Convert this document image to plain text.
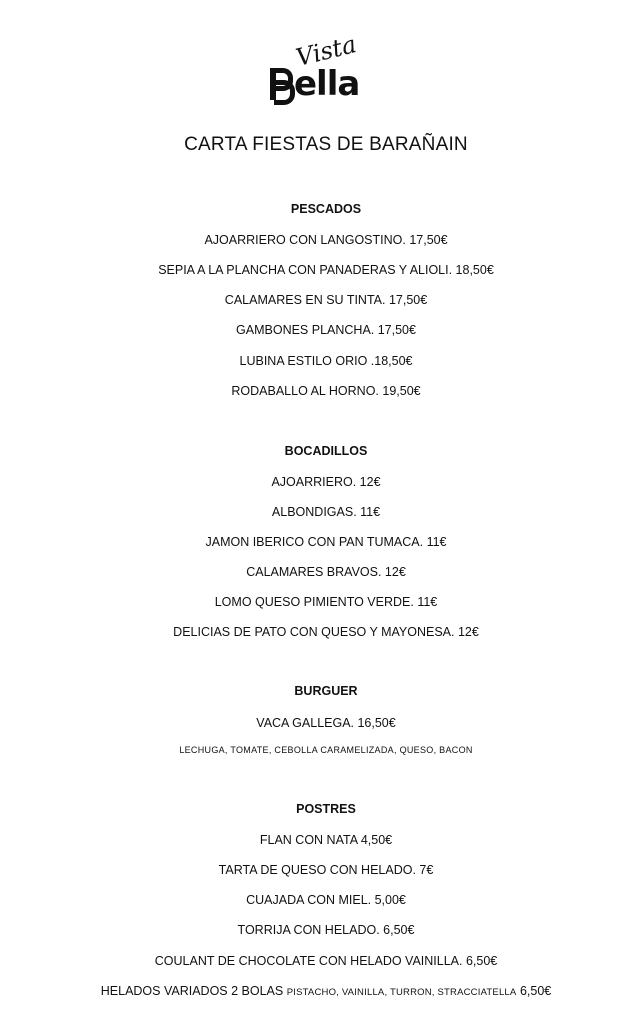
Vista
ella
CARTA FIESTAS DE BARAÑAIN
PESCADOS
AJOARRIERO CON LANGOSTINO. 17,50€
SEPIA A LA PLANCHA CON PANADERAS Y ALIOLI. 18,50€
CALAMARES EN SU TINTA. 17,50€
GAMBONES PLANCHA. 17,50€
LUBINA ESTILO ORIO .18,50€
RODABALLO AL HORNO. 19,50€
BOCADILLOS
AJOARRIERO. 12€
ALBONDIGAS. 11€
JAMON IBERICO CON PAN TUMACA. 11€
CALAMARES BRAVOS. 12€
LOMO QUESO PIMIENTO VERDE. 11€
DELICIAS DE PATO CON QUESO Y MAYONESA. 12€
BURGUER
VACA GALLEGA. 16,50€
LECHUGA, TOMATE, CEBOLLA CARAMELIZADA, QUESO, BACON
POSTRES
FLAN CON NATA 4,50€
TARTA DE QUESO CON HELADO. 7€
CUAJADA CON MIEL. 5,00€
TORRIJA CON HELADO. 6,50€
COULANT DE CHOCOLATE CON HELADO VAINILLA. 6,50€
HELADOS VARIADOS 2 BOLAS PISTACHO, VAINILLA, TURRON, STRACCIATELLA 6,50€
